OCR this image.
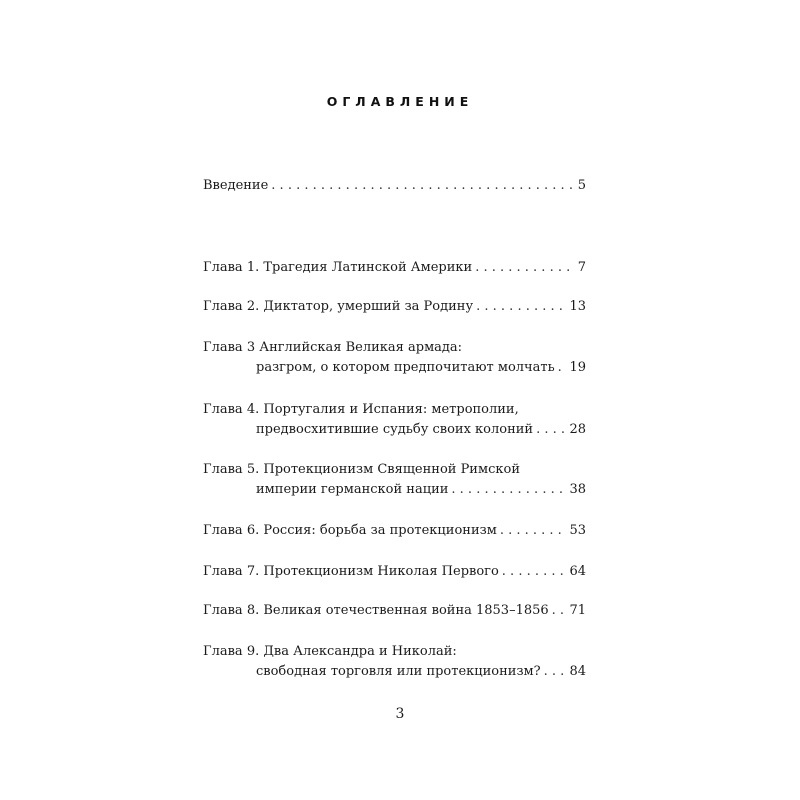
ОГЛАВЛЕНИЕ
Введение . . .	5
Глава 1. Трагедия Латинской Америки . . .	7
Глава 2. Диктатор, умерший за Родину . . .	13
Глава 3 Английская Великая армада:
разгром, о котором предпочитают молчать . . . 19
Глава 4. Португалия и Испания: метрополии,
предвосхитившие судьбу своих колоний . . .	28
Глава 5. Протекционизм Священной Римской
империи германской нации . . .	38
Глава 6. Россия: борьба за протекционизм . . .	53
Глава 7. Протекционизм Николая Первого . . .	64
Глава 8. Великая отечественная война 1853–1856 . . . 71
Глава 9. Два Александра и Николай:
свободная торговля или протекционизм? . . . 84
3
